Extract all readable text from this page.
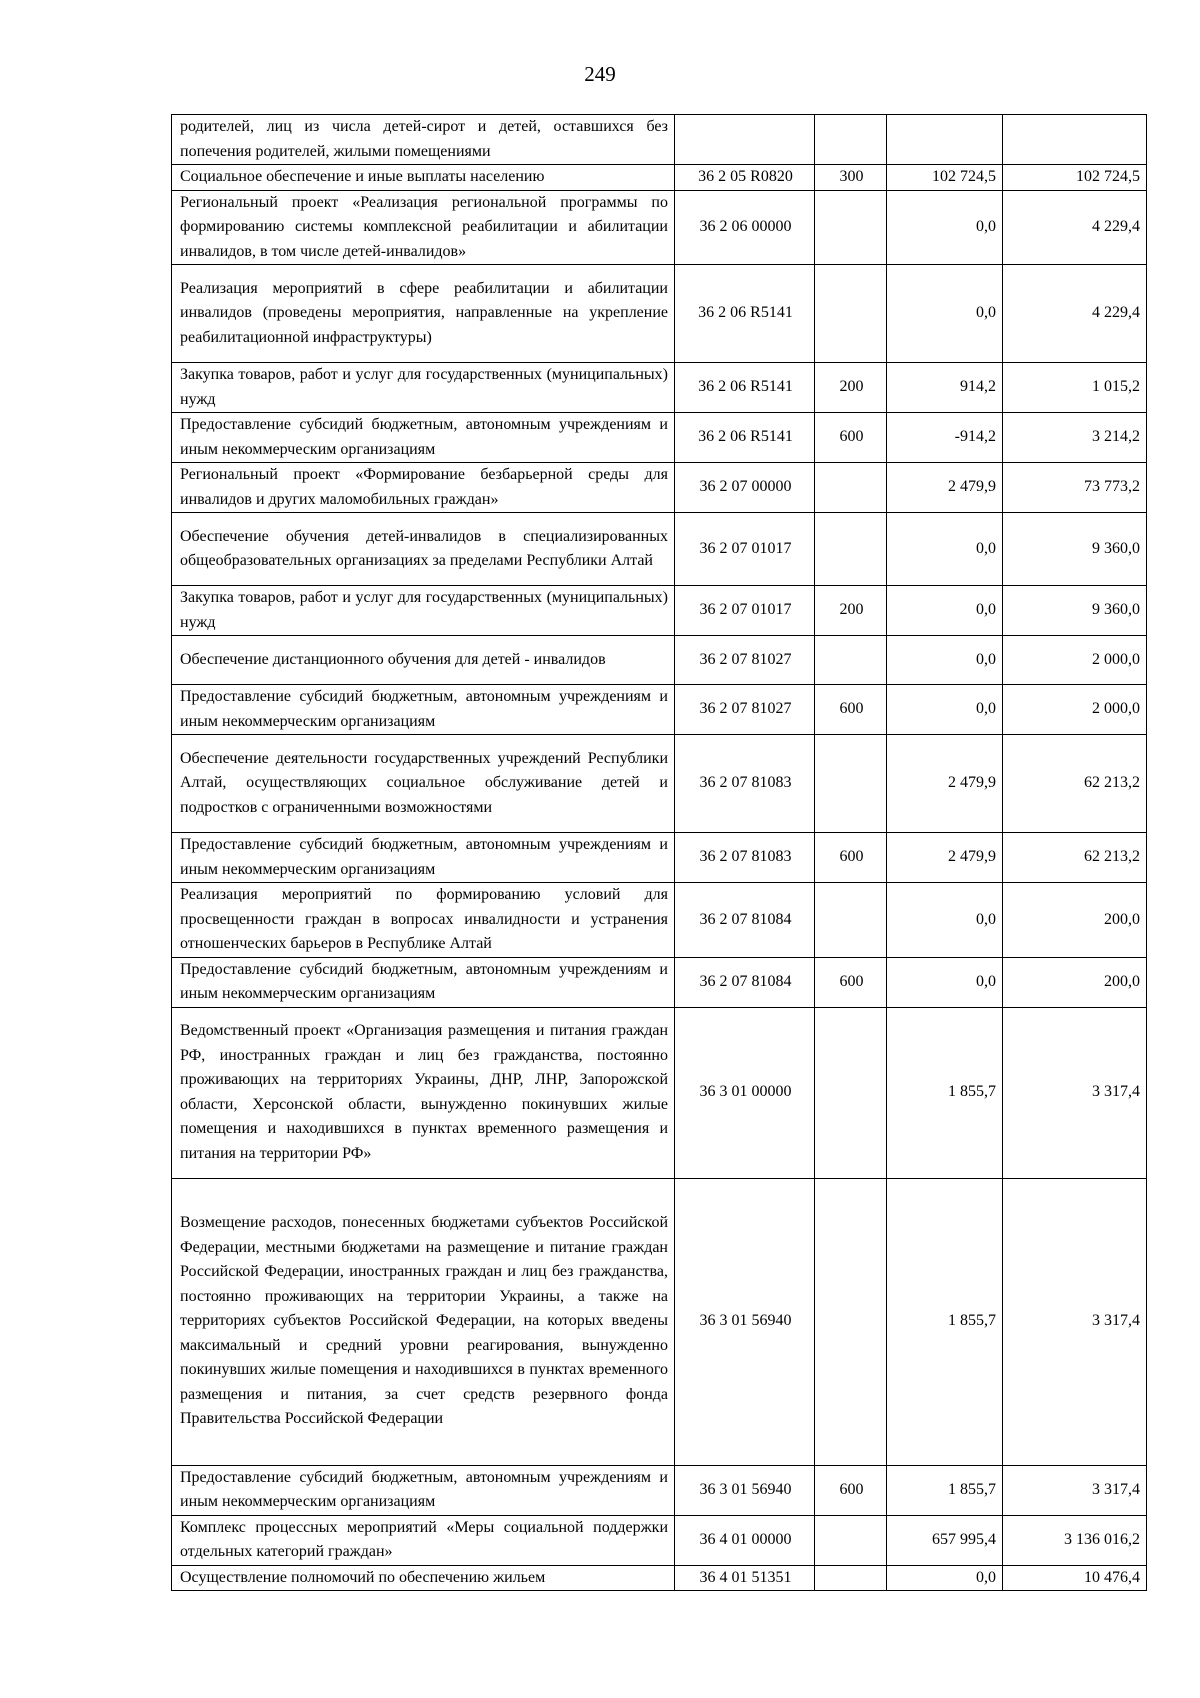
249
родителей, лиц из числа детей-сирот и детей, оставшихся без попечения родителей, жилыми помещениями				
Социальное обеспечение и иные выплаты населению	36 2 05 R0820	300	102 724,5	102 724,5
Региональный проект «Реализация региональной программы по формированию системы комплексной реабилитации и абилитации инвалидов, в том числе детей-инвалидов»	36 2 06 00000		0,0	4 229,4
Реализация мероприятий в сфере реабилитации и абилитации инвалидов (проведены мероприятия, направленные на укрепление реабилитационной инфраструктуры)	36 2 06 R5141		0,0	4 229,4
Закупка товаров, работ и услуг для государственных (муниципальных) нужд	36 2 06 R5141	200	914,2	1 015,2
Предоставление субсидий бюджетным, автономным учреждениям и иным некоммерческим организациям	36 2 06 R5141	600	-914,2	3 214,2
Региональный проект «Формирование безбарьерной среды для инвалидов и других маломобильных граждан»	36 2 07 00000		2 479,9	73 773,2
Обеспечение обучения детей-инвалидов в специализированных общеобразовательных организациях за пределами Республики Алтай	36 2 07 01017		0,0	9 360,0
Закупка товаров, работ и услуг для государственных (муниципальных) нужд	36 2 07 01017	200	0,0	9 360,0
Обеспечение дистанционного обучения для детей - инвалидов	36 2 07 81027		0,0	2 000,0
Предоставление субсидий бюджетным, автономным учреждениям и иным некоммерческим организациям	36 2 07 81027	600	0,0	2 000,0
Обеспечение деятельности государственных учреждений Республики Алтай, осуществляющих социальное обслуживание детей и подростков с ограниченными возможностями	36 2 07 81083		2 479,9	62 213,2
Предоставление субсидий бюджетным, автономным учреждениям и иным некоммерческим организациям	36 2 07 81083	600	2 479,9	62 213,2
Реализация мероприятий по формированию условий для просвещенности граждан в вопросах инвалидности и устранения отношенческих барьеров в Республике Алтай	36 2 07 81084		0,0	200,0
Предоставление субсидий бюджетным, автономным учреждениям и иным некоммерческим организациям	36 2 07 81084	600	0,0	200,0
Ведомственный проект «Организация размещения и питания граждан РФ, иностранных граждан и лиц без гражданства, постоянно проживающих на территориях Украины, ДНР, ЛНР, Запорожской области, Херсонской области, вынужденно покинувших жилые помещения и находившихся в пунктах временного размещения и питания на территории РФ»	36 3 01 00000		1 855,7	3 317,4
Возмещение расходов, понесенных бюджетами субъектов Российской Федерации, местными бюджетами на размещение и питание граждан Российской Федерации, иностранных граждан и лиц без гражданства, постоянно проживающих на территории Украины, а также на территориях субъектов Российской Федерации, на которых введены максимальный и средний уровни реагирования, вынужденно покинувших жилые помещения и находившихся в пунктах временного размещения и питания, за счет средств резервного фонда Правительства Российской Федерации	36 3 01 56940		1 855,7	3 317,4
Предоставление субсидий бюджетным, автономным учреждениям и иным некоммерческим организациям	36 3 01 56940	600	1 855,7	3 317,4
Комплекс процессных мероприятий «Меры социальной поддержки отдельных категорий граждан»	36 4 01 00000		657 995,4	3 136 016,2
Осуществление полномочий по обеспечению жильем	36 4 01 51351		0,0	10 476,4
